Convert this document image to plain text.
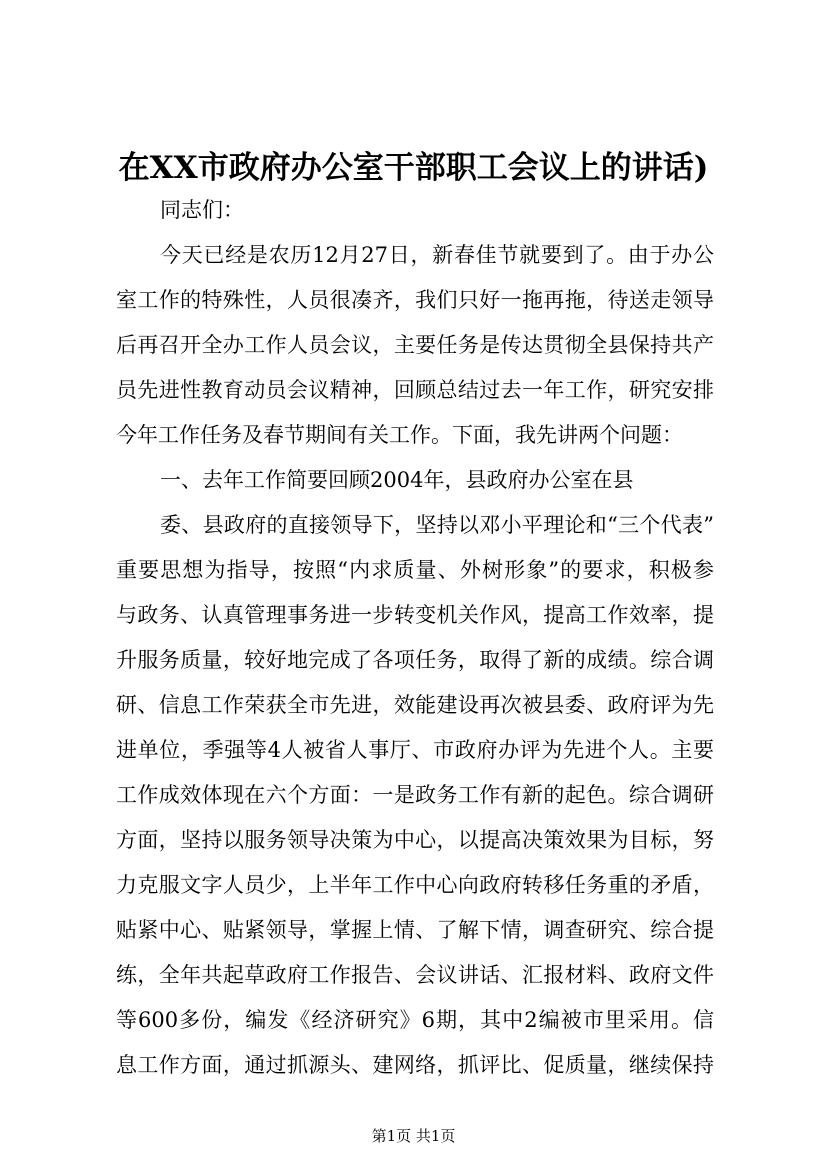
在XX市政府办公室干部职工会议上的讲话)
同志们：
今天已经是农历12月27日，新春佳节就要到了。由于办公
室工作的特殊性，人员很凑齐，我们只好一拖再拖，待送走领导
后再召开全办工作人员会议，主要任务是传达贯彻全县保持共产
员先进性教育动员会议精神，回顾总结过去一年工作，研究安排
今年工作任务及春节期间有关工作。下面，我先讲两个问题：
一、去年工作简要回顾2004年，县政府办公室在县
委、县政府的直接领导下，坚持以邓小平理论和“三个代表”
重要思想为指导，按照“内求质量、外树形象”的要求，积极参
与政务、认真管理事务进一步转变机关作风，提高工作效率，提
升服务质量，较好地完成了各项任务，取得了新的成绩。综合调
研、信息工作荣获全市先进，效能建设再次被县委、政府评为先
进单位，季强等4人被省人事厅、市政府办评为先进个人。主要
工作成效体现在六个方面：一是政务工作有新的起色。综合调研
方面，坚持以服务领导决策为中心，以提高决策效果为目标，努
力克服文字人员少，上半年工作中心向政府转移任务重的矛盾，
贴紧中心、贴紧领导，掌握上情、了解下情，调查研究、综合提
练，全年共起草政府工作报告、会议讲话、汇报材料、政府文件
等600多份，编发《经济研究》6期，其中2编被市里采用。信
息工作方面，通过抓源头、建网络，抓评比、促质量，继续保持
第1页 共1页
